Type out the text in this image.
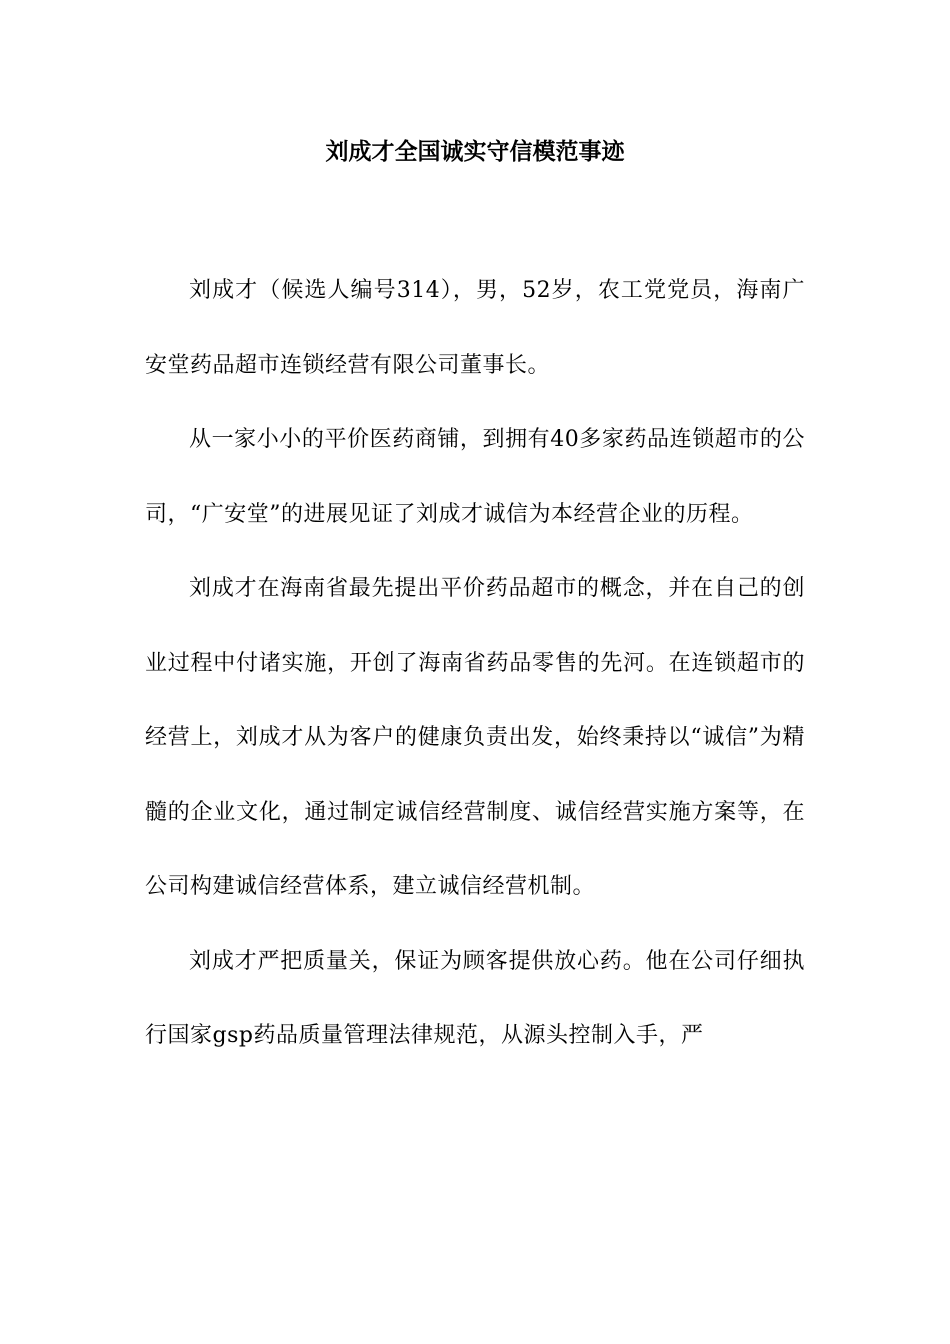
刘成才全国诚实守信模范事迹

刘成才（候选人编号314），男，52岁，农工党党员，海南广安堂药品超市连锁经营有限公司董事长。

从一家小小的平价医药商铺，到拥有40多家药品连锁超市的公司，“广安堂”的进展见证了刘成才诚信为本经营企业的历程。

刘成才在海南省最先提出平价药品超市的概念，并在自己的创业过程中付诸实施，开创了海南省药品零售的先河。在连锁超市的经营上，刘成才从为客户的健康负责出发，始终秉持以“诚信”为精髓的企业文化，通过制定诚信经营制度、诚信经营实施方案等，在公司构建诚信经营体系，建立诚信经营机制。

刘成才严把质量关，保证为顾客提供放心药。他在公司仔细执行国家gsp药品质量管理法律规范，从源头控制入手，严
